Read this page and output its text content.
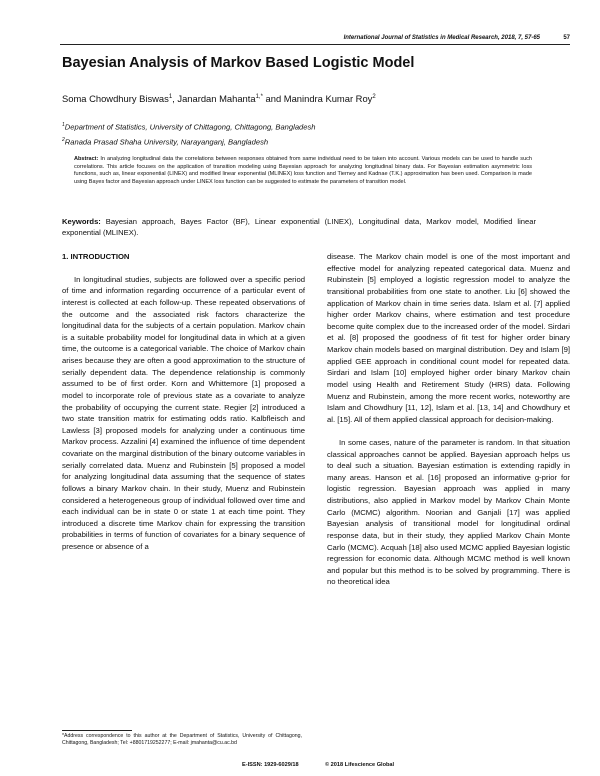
International Journal of Statistics in Medical Research, 2018, 7, 57-65	57
Bayesian Analysis of Markov Based Logistic Model
Soma Chowdhury Biswas$^1$, Janardan Mahanta$^{1,*}$ and Manindra Kumar Roy$^2$
$^1$Department of Statistics, University of Chittagong, Chittagong, Bangladesh
$^2$Ranada Prasad Shaha University, Narayanganj, Bangladesh
Abstract: In analyzing longitudinal data the correlations between responses obtained from same individual need to be taken into account. Various models can be used to handle such correlations. This article focuses on the application of transition modeling using Bayesian approach for analyzing longitudinal binary data. For Bayesian estimation asymmetric loss functions, such as, linear exponential (LINEX) and modified linear exponential (MLINEX) loss function and Tierney and Kadnae (T.K.) approximation has been used. Comparison is made using Bayes factor and Bayesian approach under LINEX loss function can be suggested to estimate the parameters of transition model.
Keywords: Bayesian approach, Bayes Factor (BF), Linear exponential (LINEX), Longitudinal data, Markov model, Modified linear exponential (MLINEX).
1. INTRODUCTION

In longitudinal studies, subjects are followed over a specific period of time and information regarding occurrence of a particular event of interest is collected at each follow-up. These repeated observations of the outcome and the associated risk factors characterize the longitudinal data for the subjects of a certain population. Markov chain is a suitable probability model for longitudinal data in which at a given time, the outcome is a categorical variable. The choice of Markov chain arises because they are often a good approximation to the structure of serially dependent data. The dependence relationship is commonly assumed to be of first order. Korn and Whittemore [1] proposed a model to incorporate role of previous state as a covariate to analyze the probability of occupying the current state. Regier [2] introduced a two state transition matrix for estimating odds ratio. Kalbfleisch and Lawless [3] proposed models for analyzing under a continuous time Markov process. Azzalini [4] examined the influence of time dependent covariate on the marginal distribution of the binary outcome variables in serially correlated data. Muenz and Rubinstein [5] proposed a model for analyzing longitudinal data assuming that the sequence of states follows a binary Markov chain. In their study, Muenz and Rubinstein considered a heterogeneous group of individual followed over time and each individual can be in state 0 or state 1 at each time point. They introduced a discrete time Markov chain for expressing the transition probabilities in terms of function of covariates for a binary sequence of presence or absence of a

disease. The Markov chain model is one of the most important and effective model for analyzing repeated categorical data. Muenz and Rubinstein [5] employed a logistic regression model to analyze the transitional probabilities from one state to another. Liu [6] showed the application of Markov chain in time series data. Islam et al. [7] applied higher order Markov chains, where estimation and test procedure become quite complex due to the increased order of the model. Sirdari et al. [8] proposed the goodness of fit test for higher order binary Markov chain models based on marginal distribution. Dey and Islam [9] applied GEE approach in conditional count model for repeated data. Sirdari and Islam [10] employed higher order binary Markov chain model using Health and Retirement Study (HRS) data. Following Muenz and Rubinstein, among the more recent works, noteworthy are Islam and Chowdhury [11, 12], Islam et al. [13, 14] and Chowdhury et al. [15]. All of them applied classical approach for decision-making.

In some cases, nature of the parameter is random. In that situation classical approaches cannot be applied. Bayesian approach helps us to deal such a situation. Bayesian estimation is extending rapidly in many areas. Hanson et al. [16] proposed an informative g-prior for logistic regression. Bayesian approach was applied in many distributions, also applied in Markov model by Markov Chain Monte Carlo (MCMC) algorithm. Noorian and Ganjali [17] was applied Bayesian analysis of transitional model for longitudinal ordinal response data, but in their study, they applied Markov Chain Monte Carlo (MCMC). Acquah [18] also used MCMC applied Bayesian logistic regression for economic data. Although MCMC method is well known and popular but this method is to be solved by programming. There is no theoretical idea

*Address correspondence to this author at the Department of Statistics, University of Chittagong, Chittagong, Bangladesh; Tel: +8801719252277; E-mail: jmahanta@cu.ac.bd
E-ISSN: 1929-6029/18	© 2018 Lifescience Global
